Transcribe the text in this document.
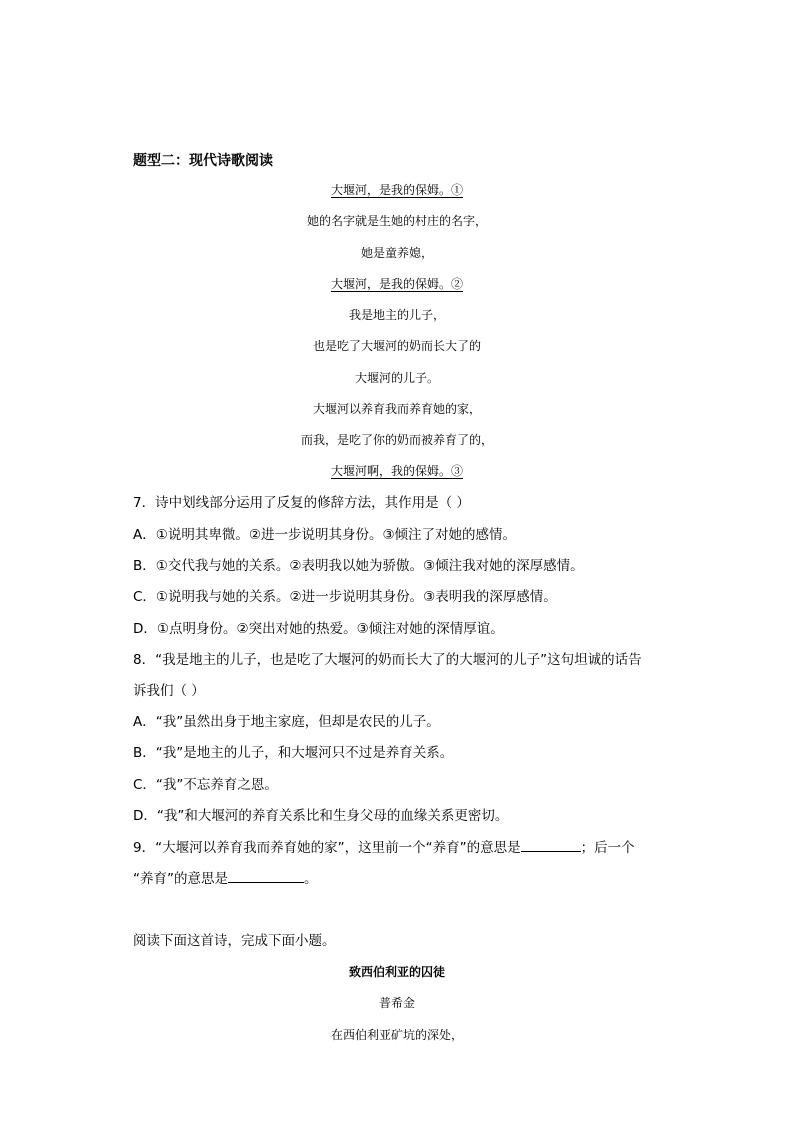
题型二：现代诗歌阅读
大堰河，是我的保姆。①
她的名字就是生她的村庄的名字，
她是童养媳，
大堰河，是我的保姆。②
我是地主的儿子，
也是吃了大堰河的奶而长大了的
大堰河的儿子。
大堰河以养育我而养育她的家，
而我，是吃了你的奶而被养育了的，
大堰河啊，我的保姆。③
7．诗中划线部分运用了反复的修辞方法，其作用是（ ）
A．①说明其卑微。②进一步说明其身份。③倾注了对她的感情。
B．①交代我与她的关系。②表明我以她为骄傲。③倾注我对她的深厚感情。
C．①说明我与她的关系。②进一步说明其身份。③表明我的深厚感情。
D．①点明身份。②突出对她的热爱。③倾注对她的深情厚谊。
8．“我是地主的儿子，也是吃了大堰河的奶而长大了的大堰河的儿子”这句坦诚的话告
诉我们（ ）
A．“我”虽然出身于地主家庭，但却是农民的儿子。
B．“我”是地主的儿子，和大堰河只不过是养育关系。
C．“我”不忘养育之恩。
D．“我”和大堰河的养育关系比和生身父母的血缘关系更密切。
9．“大堰河以养育我而养育她的家”，这里前一个“养育”的意思是	；后一个
“养育”的意思是	。
阅读下面这首诗，完成下面小题。
致西伯利亚的囚徒
普希金
在西伯利亚矿坑的深处，
